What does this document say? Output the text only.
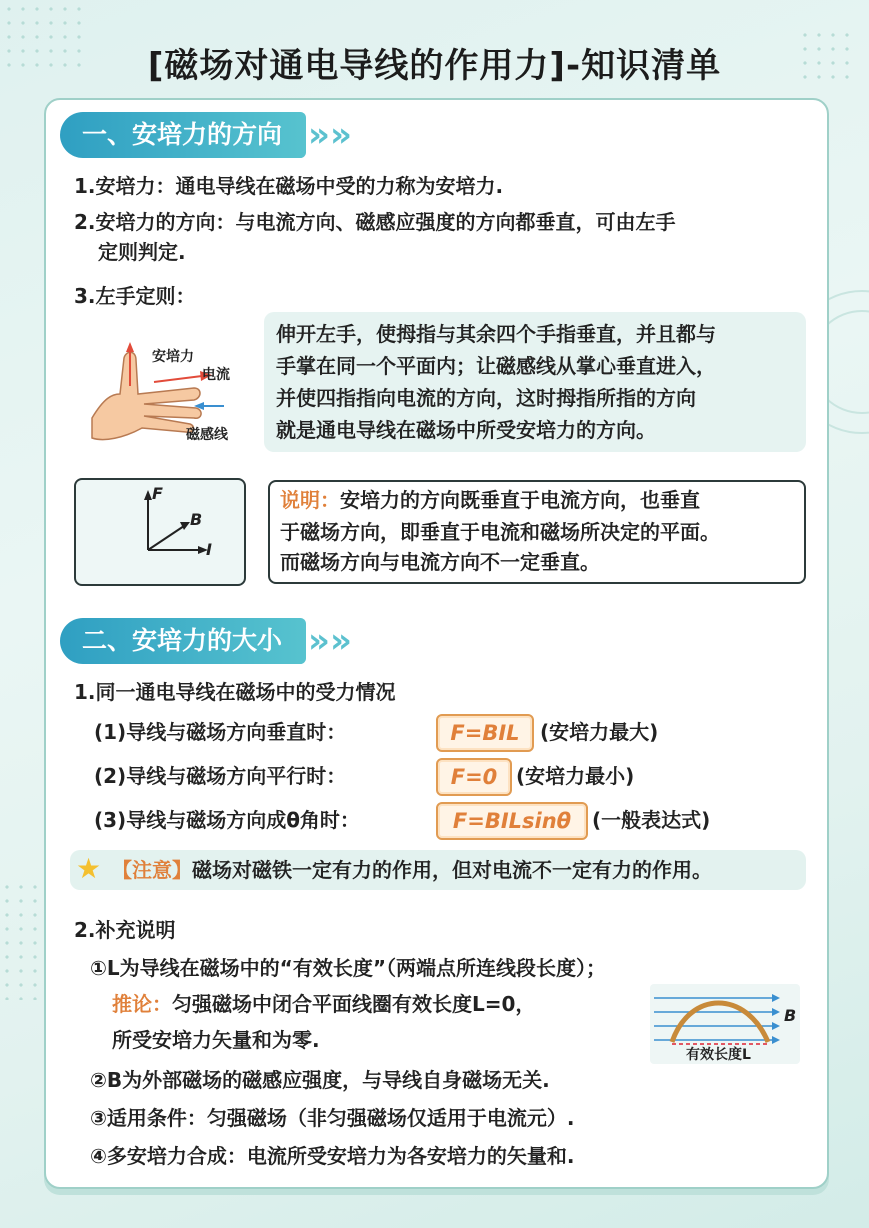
[磁场对通电导线的作用力]-知识清单
一、安培力的方向 »»
1.安培力：通电导线在磁场中受的力称为安培力.
2.安培力的方向：与电流方向、磁感应强度的方向都垂直，可由左手
定则判定.
3.左手定则：
安培力
电流
磁感线
伸开左手，使拇指与其余四个手指垂直，并且都与
手掌在同一个平面内；让磁感线从掌心垂直进入，
并使四指指向电流的方向，这时拇指所指的方向
就是通电导线在磁场中所受安培力的方向。
F
B
I
说明：安培力的方向既垂直于电流方向，也垂直
于磁场方向，即垂直于电流和磁场所决定的平面。
而磁场方向与电流方向不一定垂直。
二、安培力的大小 »»
1.同一通电导线在磁场中的受力情况
(1)导线与磁场方向垂直时：	F=BIL	(安培力最大)
(2)导线与磁场方向平行时：	F=0 (安培力最小)
(3)导线与磁场方向成θ角时：	F=BILsinθ	(一般表达式)
★ 【注意】磁场对磁铁一定有力的作用，但对电流不一定有力的作用。
2.补充说明
①L为导线在磁场中的“有效长度”（两端点所连线段长度）；
推论：匀强磁场中闭合平面线圈有效长度L=0，
所受安培力矢量和为零.
B
有效长度L
②B为外部磁场的磁感应强度，与导线自身磁场无关.
③适用条件：匀强磁场（非匀强磁场仅适用于电流元）.
④多安培力合成：电流所受安培力为各安培力的矢量和.
